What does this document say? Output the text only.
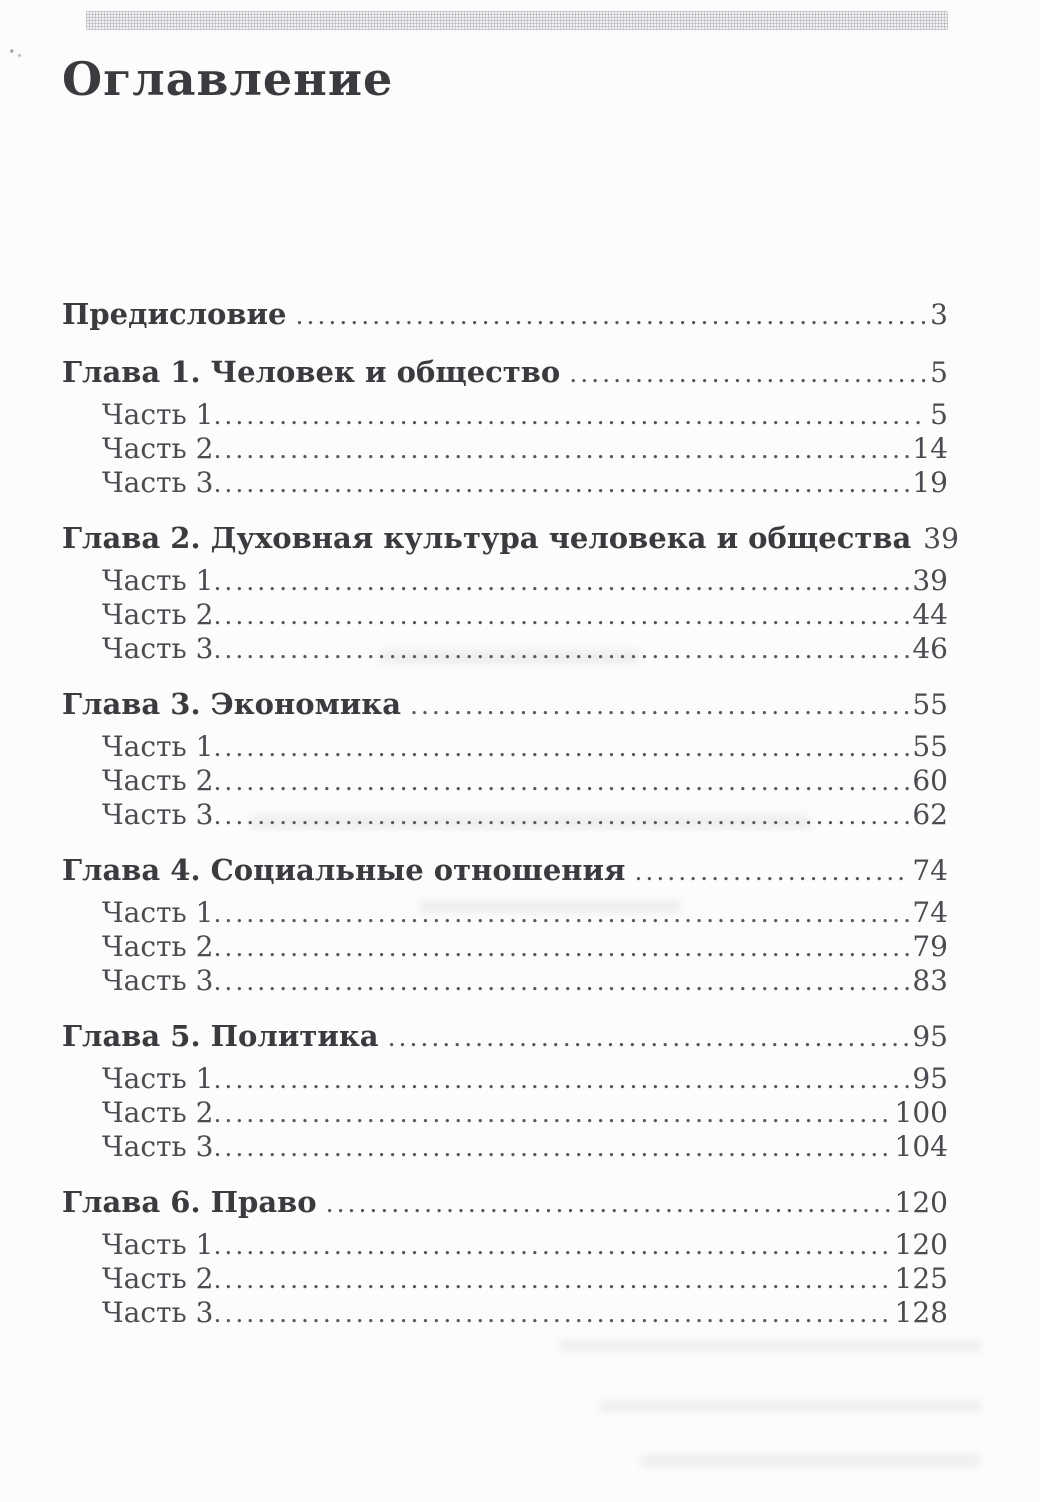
Оглавление
Предисловие .....	3
Глава 1. Человек и общество .....	5
Часть 1 .....	5
Часть 2 .....	14
Часть 3 .....	19
Глава 2. Духовная культура человека и общества 39
Часть 1 .....	39
Часть 2 .....	44
Часть 3 .....	46
Глава 3. Экономика .....	55
Часть 1 .....	55
Часть 2 .....	60
Часть 3 .....	62
Глава 4. Социальные отношения .....	74
Часть 1 .....	74
Часть 2 .....	79
Часть 3 .....	83
Глава 5. Политика .....	95
Часть 1 .....	95
Часть 2 .....	100
Часть 3 .....	104
Глава 6. Право .....	120
Часть 1 .....	120
Часть 2 .....	125
Часть 3 .....	128
